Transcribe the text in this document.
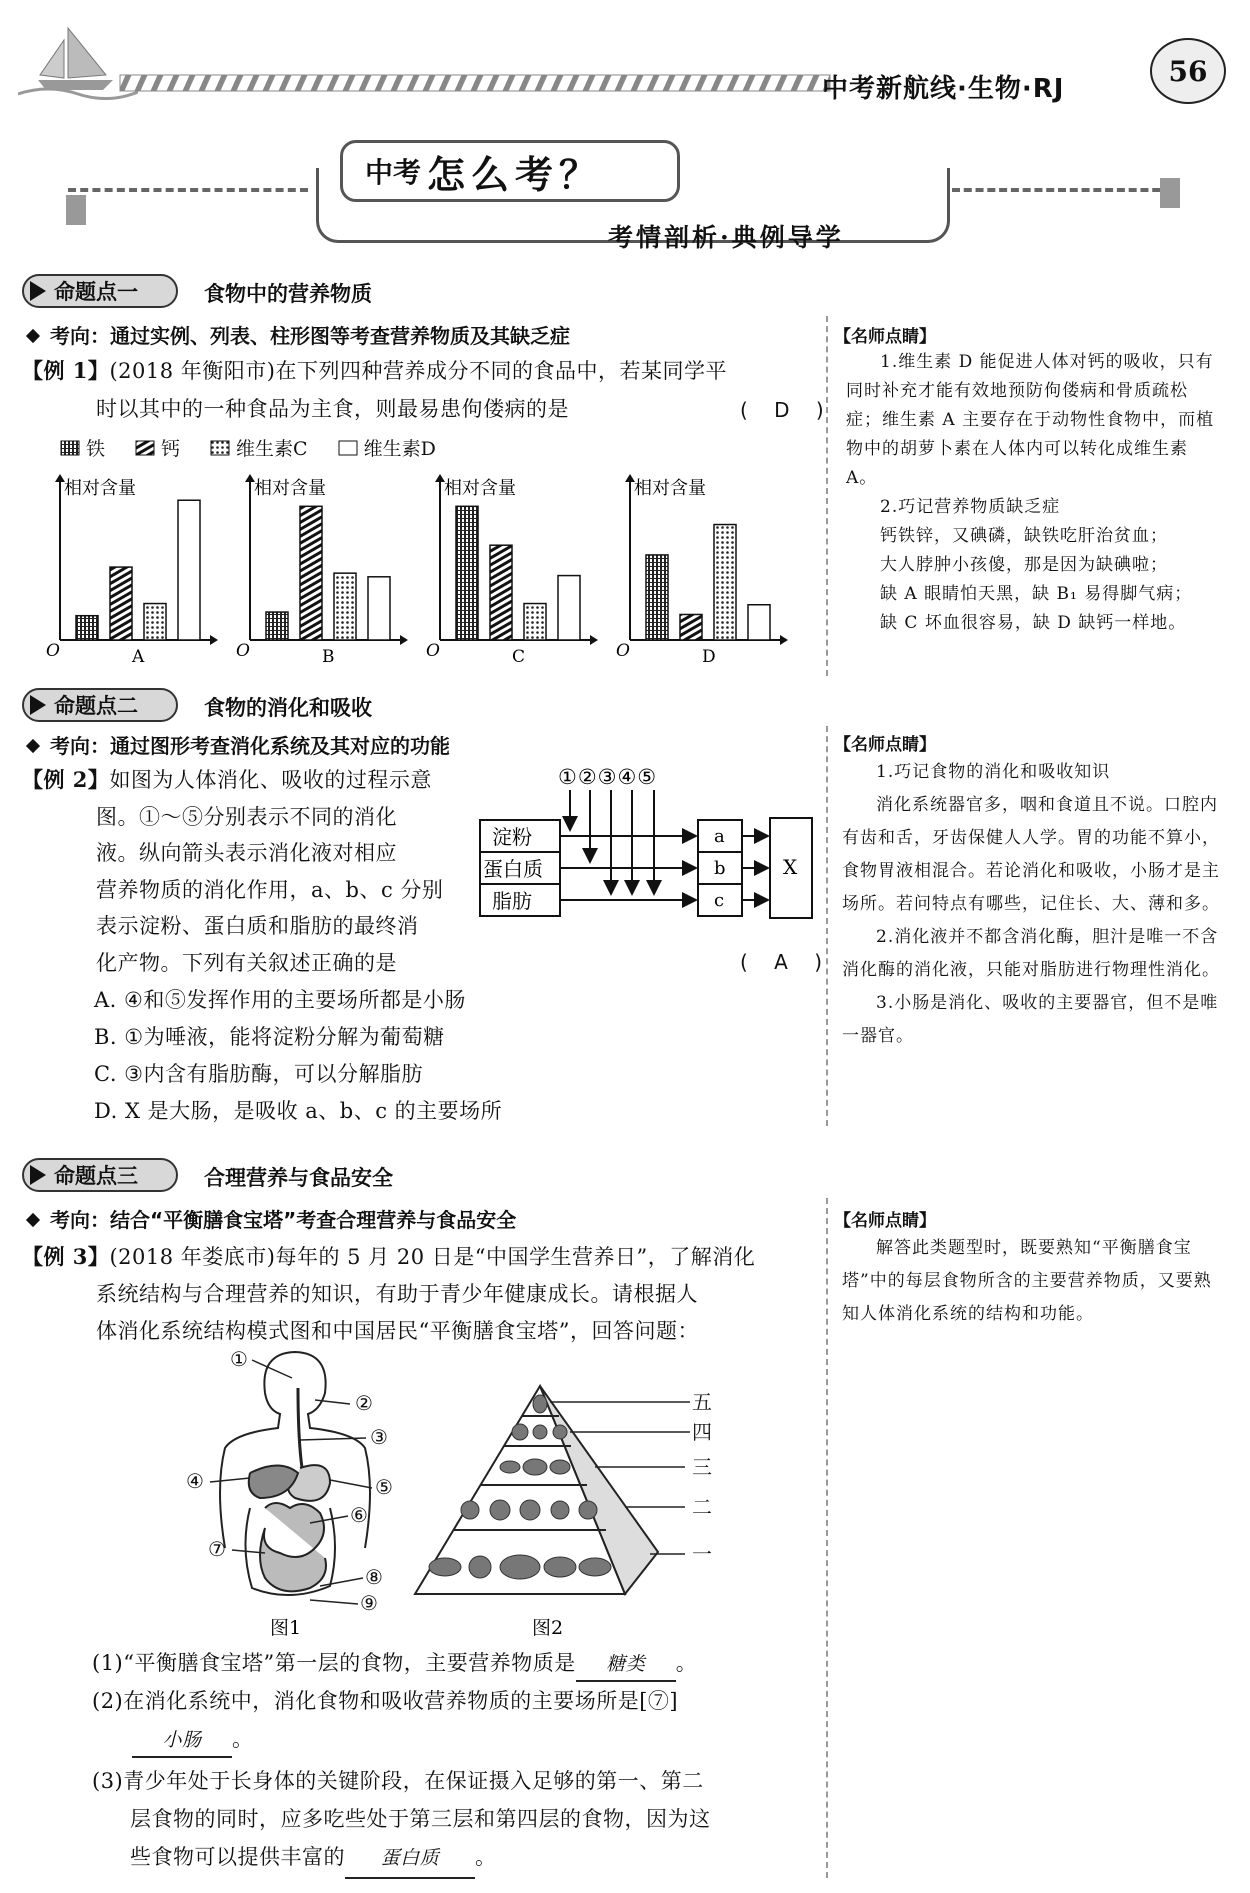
中考新航线·生物·RJ
56
中考 怎么考？
考情剖析·典例导学
命题点一	食物中的营养物质
考向：通过实例、列表、柱形图等考查营养物质及其缺乏症
【例 1】(2018 年衡阳市)在下列四种营养成分不同的食品中，若某同学平
时以其中的一种食品为主食，则最易患佝偻病的是	( D )
铁	钙	维生素C	维生素D
相对含量
O	A
相对含量
O	B
相对含量
O	C
相对含量
O	D
【名师点睛】

1.维生素 D 能促进人体对钙的吸收，只有同时补充才能有效地预防佝偻病和骨质疏松症；维生素 A 主要存在于动物性食物中，而植物中的胡萝卜素在人体内可以转化成维生素 A。

2.巧记营养物质缺乏症

钙铁锌，又碘磷，缺铁吃肝治贫血；

大人脖肿小孩傻，那是因为缺碘啦；

缺 A 眼睛怕天黑，缺 B₁ 易得脚气病；

缺 C 坏血很容易，缺 D 缺钙一样地。

命题点二	食物的消化和吸收
考向：通过图形考查消化系统及其对应的功能
【例 2】如图为人体消化、吸收的过程示意
图。①～⑤分别表示不同的消化
液。纵向箭头表示消化液对相应
营养物质的消化作用，a、b、c 分别
表示淀粉、蛋白质和脂肪的最终消
化产物。下列有关叙述正确的是	( A )
A. ④和⑤发挥作用的主要场所都是小肠
B. ①为唾液，能将淀粉分解为葡萄糖
C. ③内含有脂肪酶，可以分解脂肪
D. X 是大肠，是吸收 a、b、c 的主要场所
①②③④⑤
淀粉
蛋白质
脂肪
a
b
c
X
【名师点睛】

1.巧记食物的消化和吸收知识

消化系统器官多，咽和食道且不说。口腔内有齿和舌，牙齿保健人人学。胃的功能不算小，食物胃液相混合。若论消化和吸收，小肠才是主场所。若问特点有哪些，记住长、大、薄和多。

2.消化液并不都含消化酶，胆汁是唯一不含消化酶的消化液，只能对脂肪进行物理性消化。

3.小肠是消化、吸收的主要器官，但不是唯一器官。

命题点三	合理营养与食品安全
考向：结合“平衡膳食宝塔”考查合理营养与食品安全
【例 3】(2018 年娄底市)每年的 5 月 20 日是“中国学生营养日”，了解消化
系统结构与合理营养的知识，有助于青少年健康成长。请根据人
体消化系统结构模式图和中国居民“平衡膳食宝塔”，回答问题：
①
②
③
④	⑤
⑥
⑦
⑧
⑨
图1
五
四
三
二
一
图2
(1)“平衡膳食宝塔”第一层的食物，主要营养物质是 糖类 。
(2)在消化系统中，消化食物和吸收营养物质的主要场所是[⑦]
小肠 。
(3)青少年处于长身体的关键阶段，在保证摄入足够的第一、第二
层食物的同时，应多吃些处于第三层和第四层的食物，因为这
些食物可以提供丰富的 蛋白质 。
【名师点睛】

解答此类题型时，既要熟知“平衡膳食宝塔”中的每层食物所含的主要营养物质，又要熟知人体消化系统的结构和功能。
